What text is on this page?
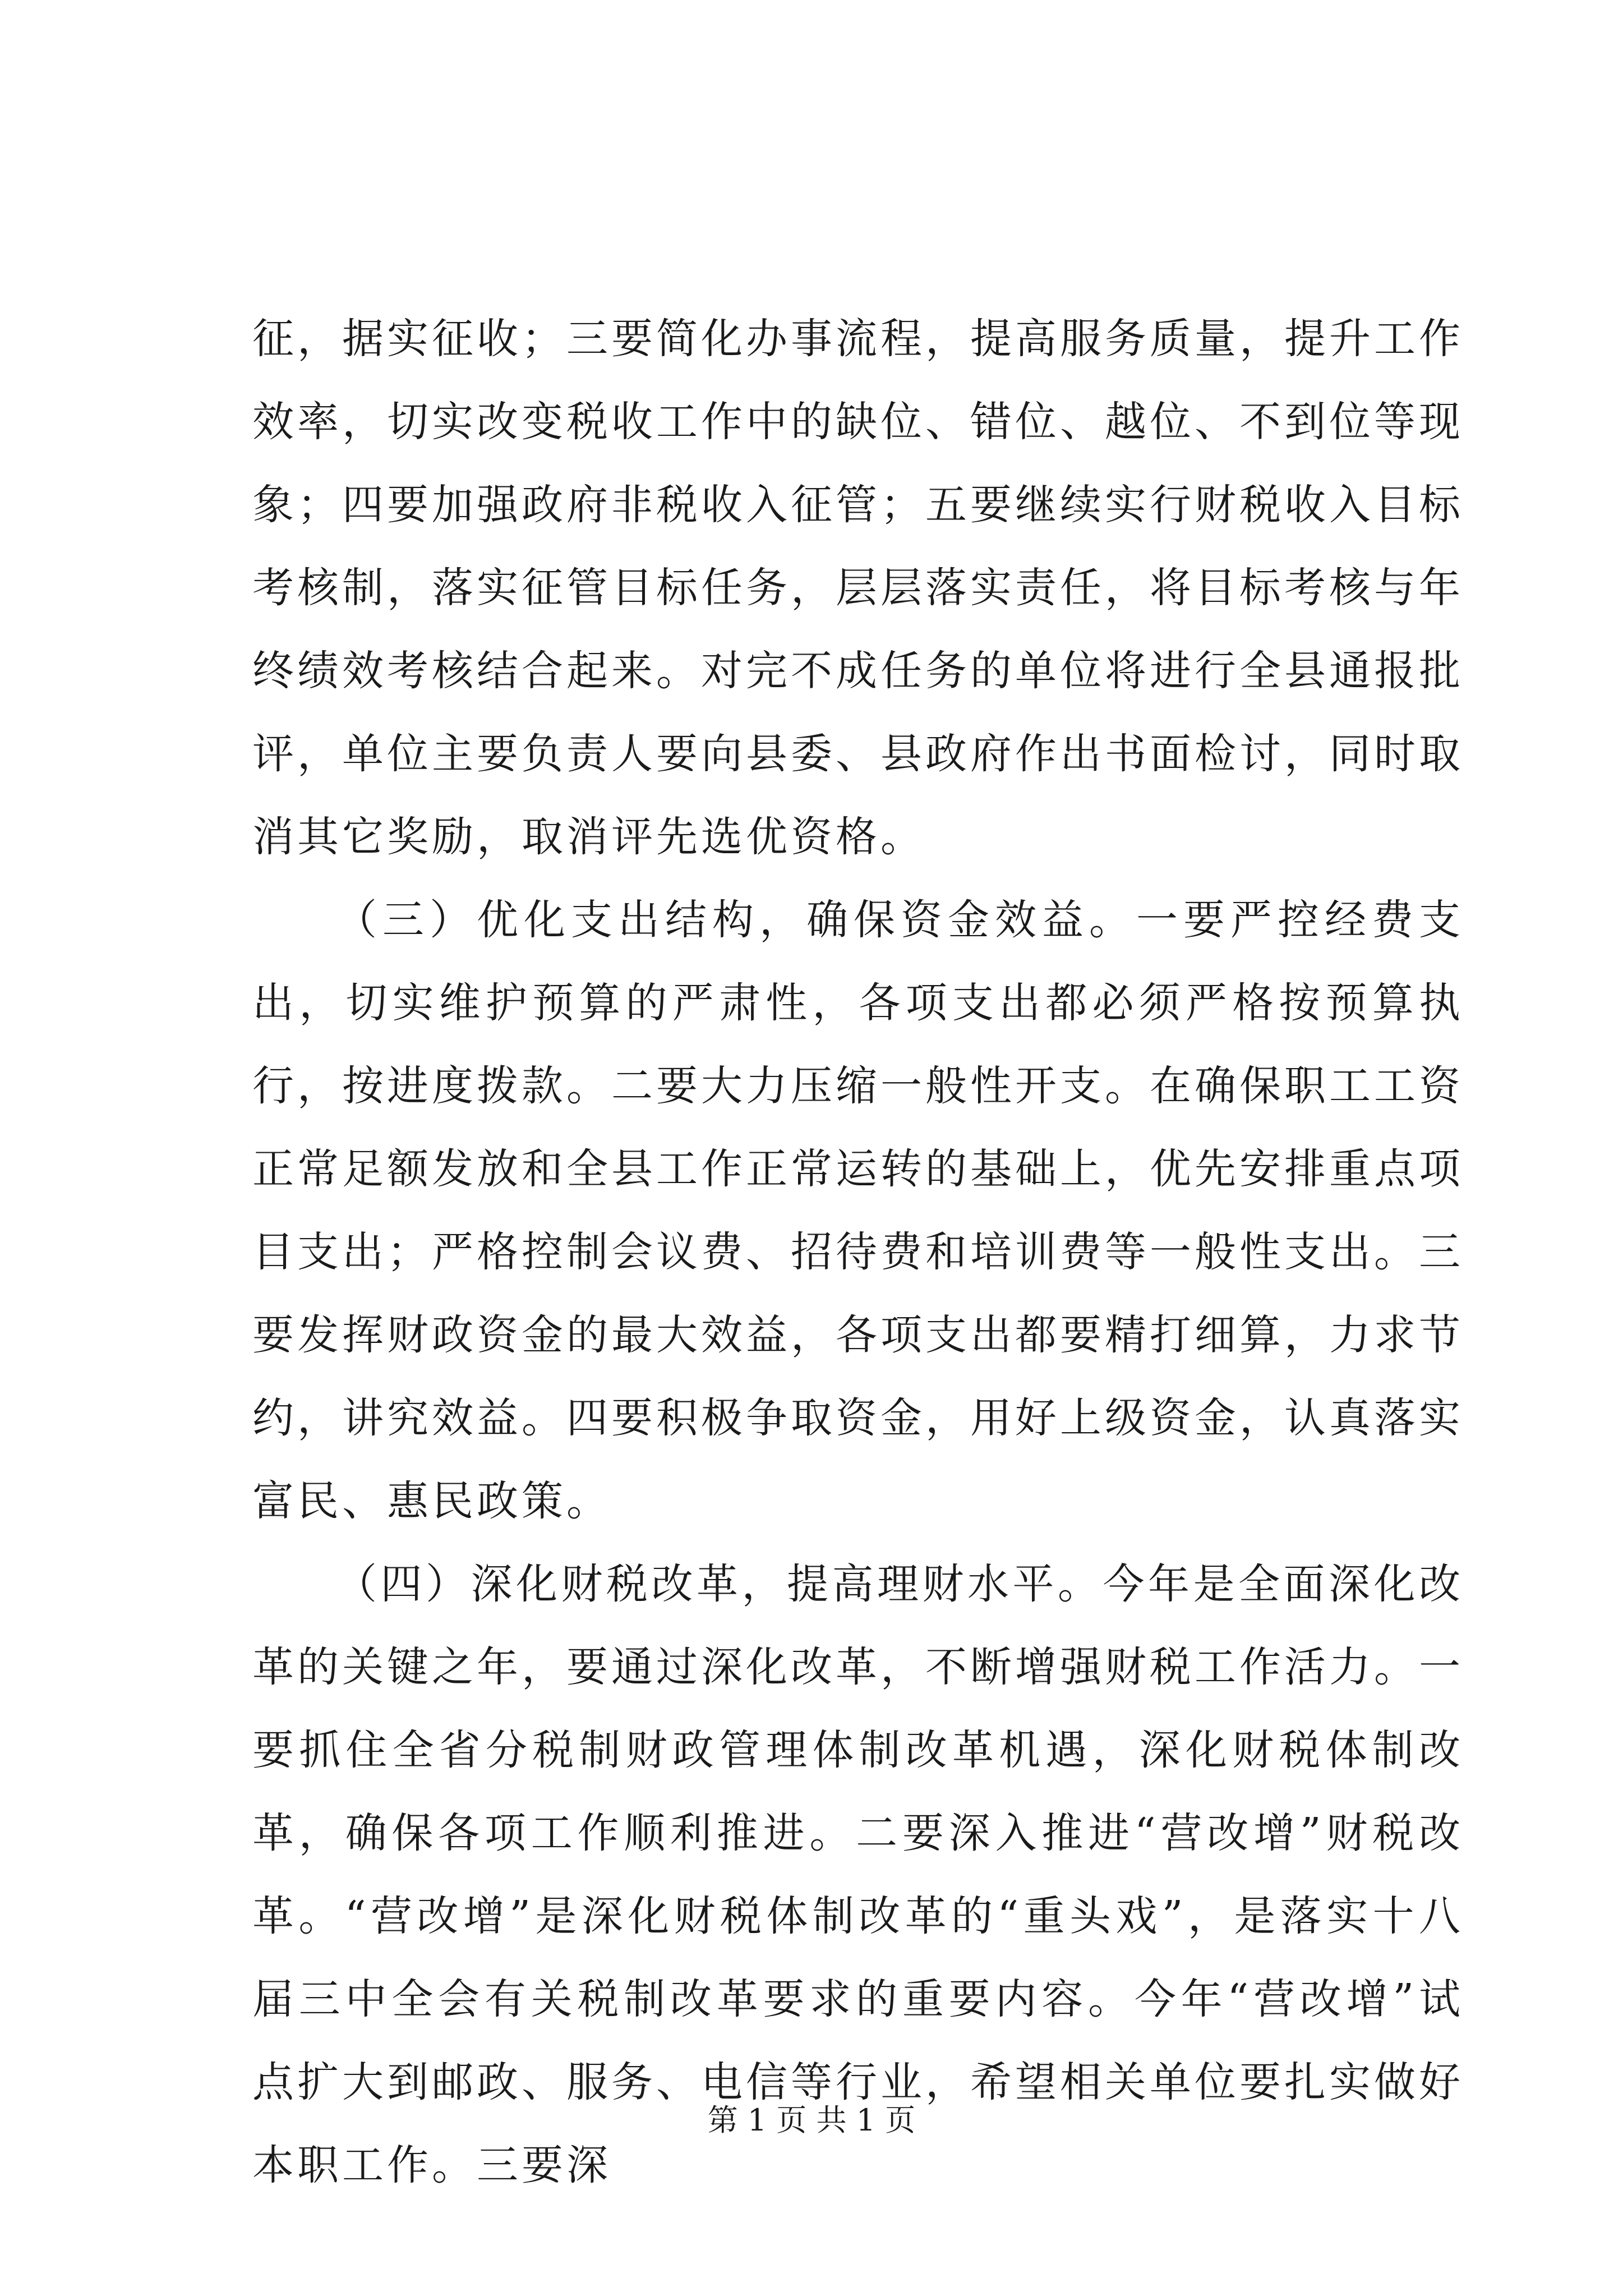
征，据实征收；三要简化办事流程，提高服务质量，提升工作效率，切实改变税收工作中的缺位、错位、越位、不到位等现象；四要加强政府非税收入征管；五要继续实行财税收入目标考核制，落实征管目标任务，层层落实责任，将目标考核与年终绩效考核结合起来。对完不成任务的单位将进行全县通报批评，单位主要负责人要向县委、县政府作出书面检讨，同时取消其它奖励，取消评先选优资格。

（三）优化支出结构，确保资金效益。一要严控经费支出，切实维护预算的严肃性，各项支出都必须严格按预算执行，按进度拨款。二要大力压缩一般性开支。在确保职工工资正常足额发放和全县工作正常运转的基础上，优先安排重点项目支出；严格控制会议费、招待费和培训费等一般性支出。三要发挥财政资金的最大效益，各项支出都要精打细算，力求节约，讲究效益。四要积极争取资金，用好上级资金，认真落实富民、惠民政策。

（四）深化财税改革，提高理财水平。今年是全面深化改革的关键之年，要通过深化改革，不断增强财税工作活力。一要抓住全省分税制财政管理体制改革机遇，深化财税体制改革，确保各项工作顺利推进。二要深入推进“营改增”财税改革。“营改增”是深化财税体制改革的“重头戏”，是落实十八届三中全会有关税制改革要求的重要内容。今年“营改增”试点扩大到邮政、服务、电信等行业，希望相关单位要扎实做好本职工作。三要深

第 1 页 共 1 页
